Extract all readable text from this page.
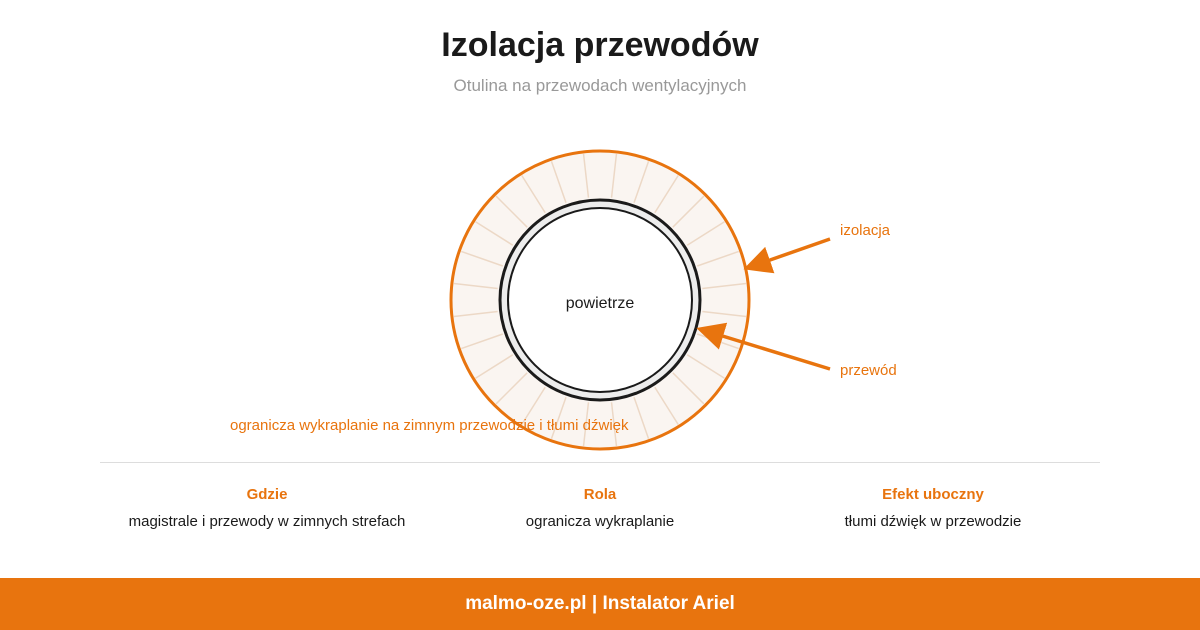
Izolacja przewodów
Otulina na przewodach wentylacyjnych
powietrze
izolacja
przewód
ogranicza wykraplanie na zimnym przewodzie i tłumi dźwięk
Gdzie
magistrale i przewody w zimnych strefach
Rola
ogranicza wykraplanie
Efekt uboczny
tłumi dźwięk w przewodzie
malmo-oze.pl | Instalator Ariel
